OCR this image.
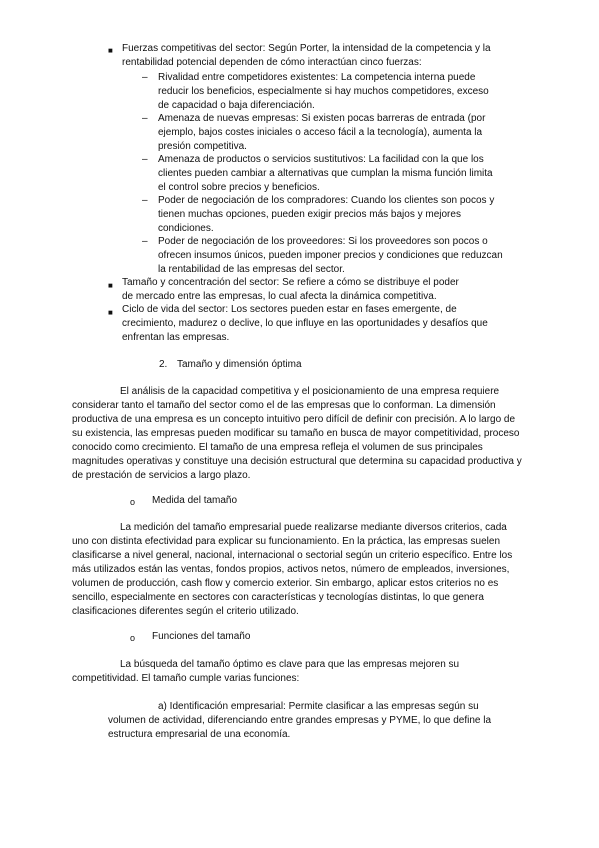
■ Fuerzas competitivas del sector: Según Porter, la intensidad de la competencia y la rentabilidad potencial dependen de cómo interactúan cinco fuerzas:

– Rivalidad entre competidores existentes: La competencia interna puede reducir los beneficios, especialmente si hay muchos competidores, exceso de capacidad o baja diferenciación.

– Amenaza de nuevas empresas: Si existen pocas barreras de entrada (por ejemplo, bajos costes iniciales o acceso fácil a la tecnología), aumenta la presión competitiva.

– Amenaza de productos o servicios sustitutivos: La facilidad con la que los clientes pueden cambiar a alternativas que cumplan la misma función limita el control sobre precios y beneficios.

– Poder de negociación de los compradores: Cuando los clientes son pocos y tienen muchas opciones, pueden exigir precios más bajos y mejores condiciones.

– Poder de negociación de los proveedores: Si los proveedores son pocos o ofrecen insumos únicos, pueden imponer precios y condiciones que reduzcan la rentabilidad de las empresas del sector.

■ Tamaño y concentración del sector: Se refiere a cómo se distribuye el poder de mercado entre las empresas, lo cual afecta la dinámica competitiva.

■ Ciclo de vida del sector: Los sectores pueden estar en fases emergente, de crecimiento, madurez o declive, lo que influye en las oportunidades y desafíos que enfrentan las empresas.

2. Tamaño y dimensión óptima

El análisis de la capacidad competitiva y el posicionamiento de una empresa requiere considerar tanto el tamaño del sector como el de las empresas que lo conforman. La dimensión productiva de una empresa es un concepto intuitivo pero difícil de definir con precisión. A lo largo de su existencia, las empresas pueden modificar su tamaño en busca de mayor competitividad, proceso conocido como crecimiento. El tamaño de una empresa refleja el volumen de sus principales magnitudes operativas y constituye una decisión estructural que determina su capacidad productiva y de prestación de servicios a largo plazo.

o Medida del tamaño

La medición del tamaño empresarial puede realizarse mediante diversos criterios, cada uno con distinta efectividad para explicar su funcionamiento. En la práctica, las empresas suelen clasificarse a nivel general, nacional, internacional o sectorial según un criterio específico. Entre los más utilizados están las ventas, fondos propios, activos netos, número de empleados, inversiones, volumen de producción, cash flow y comercio exterior. Sin embargo, aplicar estos criterios no es sencillo, especialmente en sectores con características y tecnologías distintas, lo que genera clasificaciones diferentes según el criterio utilizado.

o Funciones del tamaño

La búsqueda del tamaño óptimo es clave para que las empresas mejoren su competitividad. El tamaño cumple varias funciones:

a) Identificación empresarial: Permite clasificar a las empresas según su

volumen de actividad, diferenciando entre grandes empresas y PYME, lo que define la estructura empresarial de una economía.
